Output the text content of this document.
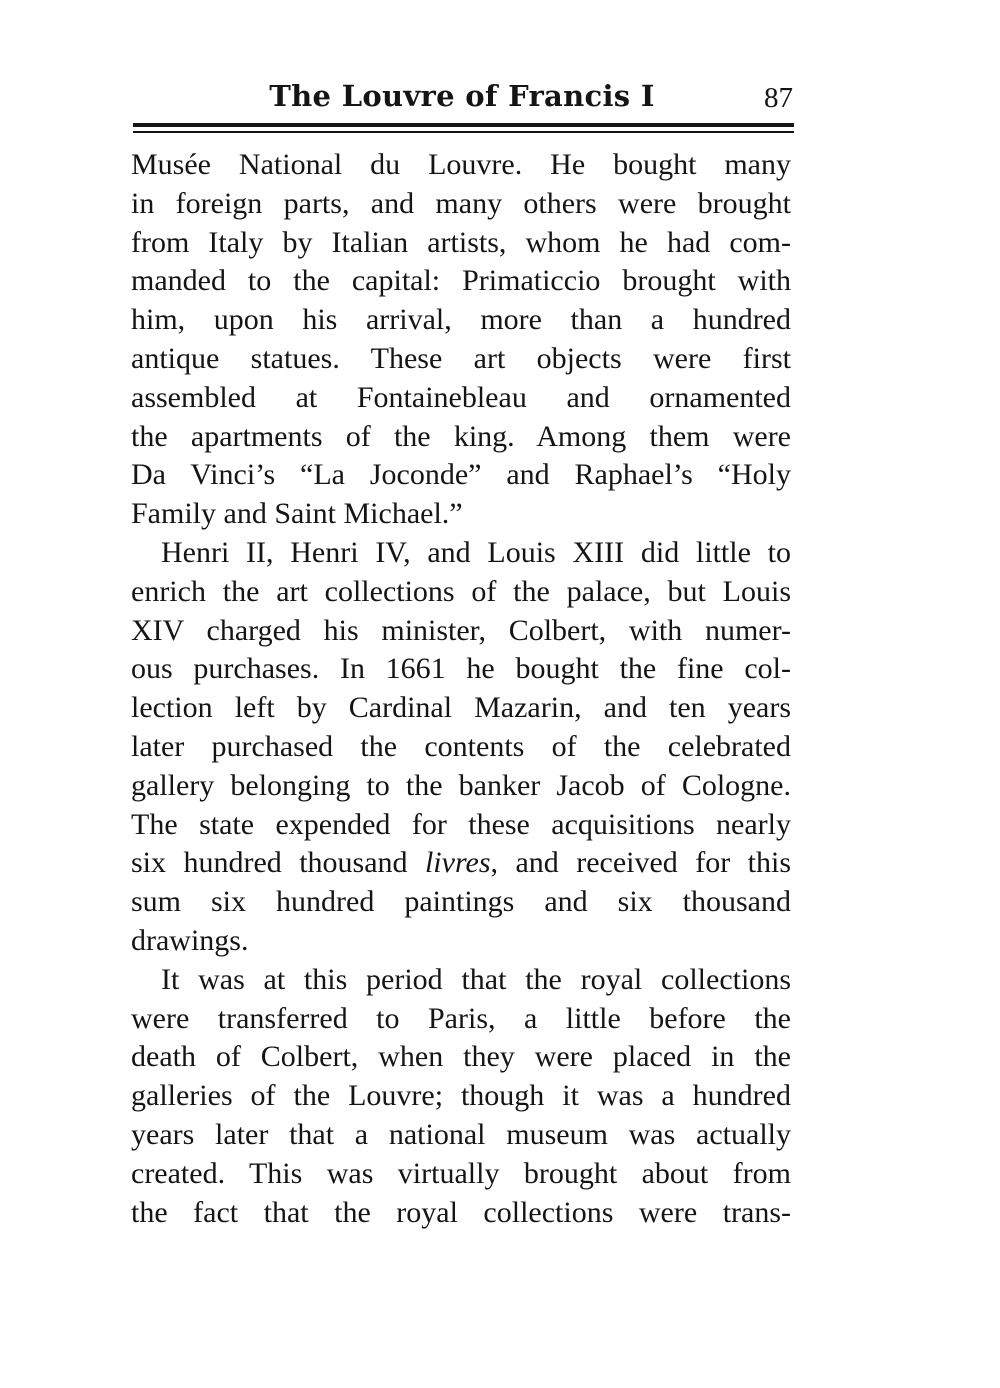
The Louvre of Francis I	87
Musée National du Louvre. He bought many
in foreign parts, and many others were brought
from Italy by Italian artists, whom he had com-
manded to the capital: Primaticcio brought with
him, upon his arrival, more than a hundred
antique statues. These art objects were first
assembled at Fontainebleau and ornamented
the apartments of the king. Among them were
Da Vinci’s “La Joconde” and Raphael’s “Holy
Family and Saint Michael.”
Henri II, Henri IV, and Louis XIII did little to
enrich the art collections of the palace, but Louis
XIV charged his minister, Colbert, with numer-
ous purchases. In 1661 he bought the fine col-
lection left by Cardinal Mazarin, and ten years
later purchased the contents of the celebrated
gallery belonging to the banker Jacob of Cologne.
The state expended for these acquisitions nearly
six hundred thousand livres, and received for this
sum six hundred paintings and six thousand
drawings.
It was at this period that the royal collections
were transferred to Paris, a little before the
death of Colbert, when they were placed in the
galleries of the Louvre; though it was a hundred
years later that a national museum was actually
created. This was virtually brought about from
the fact that the royal collections were trans-
